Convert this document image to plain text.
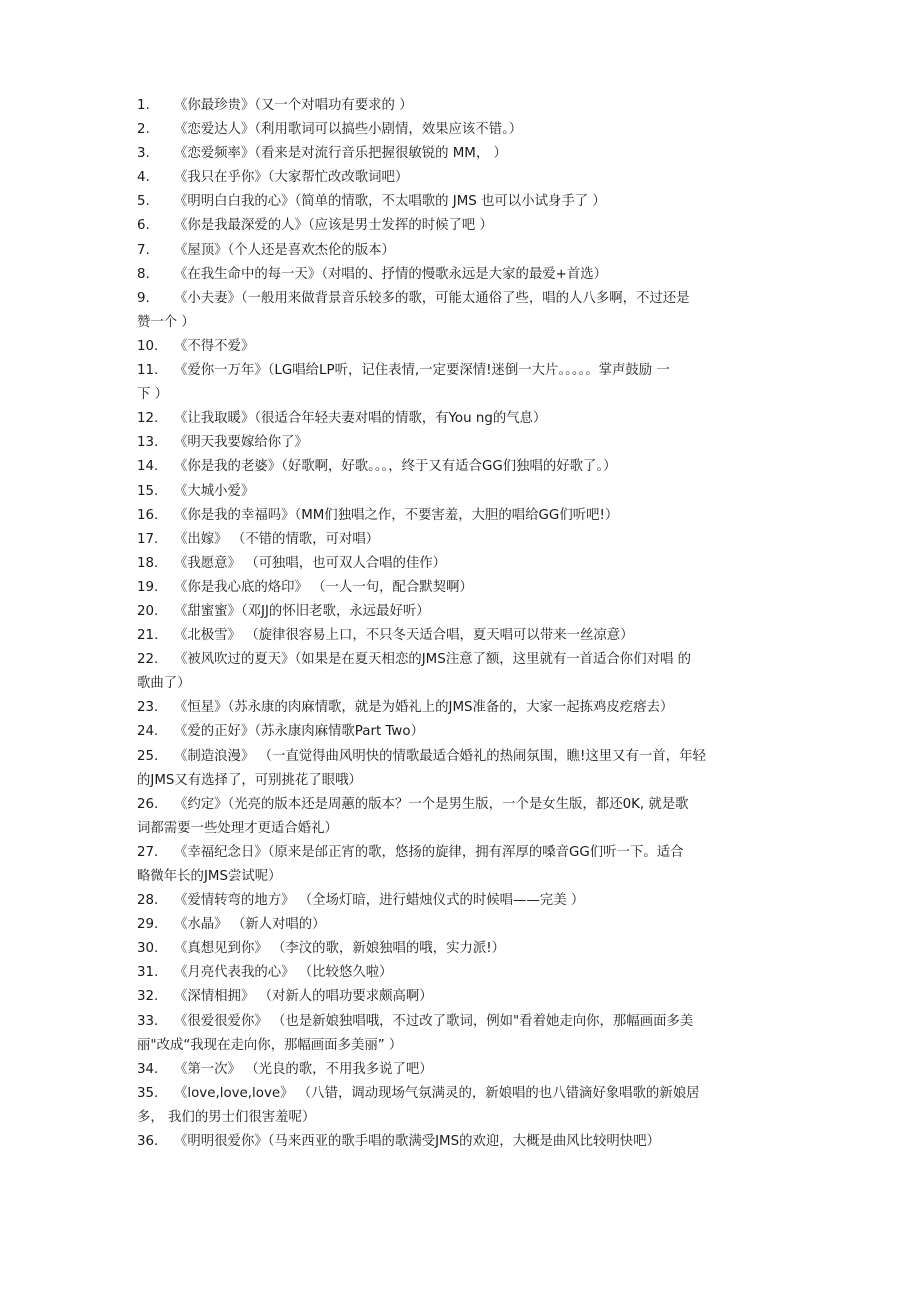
1.	《你最珍贵》（又一个对唱功有要求的 ）
2.	《恋爱达人》（利用歌词可以搞些小剧情，效果应该不错。）
3.	《恋爱频率》（看来是对流行音乐把握很敏锐的 MM， ）
4.	《我只在乎你》（大家帮忙改改歌词吧）
5.	《明明白白我的心》（简单的情歌，不太唱歌的 JMS 也可以小试身手了 ）
6.	《你是我最深爱的人》（应该是男士发挥的时候了吧 ）
7.	《屋顶》（个人还是喜欢杰伦的版本）
8.	《在我生命中的每一天》（对唱的、抒情的慢歌永远是大家的最爱+首选）
9.	《小夫妻》（一般用来做背景音乐较多的歌，可能太通俗了些，唱的人八多啊，不过还是
赞一个 ）
10.	《不得不爱》
11.	《爱你一万年》（LG唱给LP听，记住表情,一定要深情!迷倒一大片。。。。。掌声鼓励 一
下 ）
12.	《让我取暖》（很适合年轻夫妻对唱的情歌，有You ng的气息）
13.	《明天我要嫁给你了》
14.	《你是我的老婆》（好歌啊，好歌。。。，终于又有适合GG们独唱的好歌了。）
15.	《大城小爱》
16.	《你是我的幸福吗》（MM们独唱之作，不要害羞，大胆的唱给GG们听吧!）
17.	《出嫁》 （不错的情歌，可对唱）
18.	《我愿意》 （可独唱，也可双人合唱的佳作）
19.	《你是我心底的烙印》 （一人一句，配合默契啊）
20.	《甜蜜蜜》（邓JJ的怀旧老歌，永远最好听）
21.	《北极雪》 （旋律很容易上口，不只冬天适合唱，夏天唱可以带来一丝凉意）
22.	《被风吹过的夏天》（如果是在夏天相恋的JMS注意了额，这里就有一首适合你们对唱 的
歌曲了）
23.	《恒星》（苏永康的肉麻情歌，就是为婚礼上的JMS准备的，大家一起拣鸡皮疙瘩去）
24.	《爱的正好》（苏永康肉麻情歌Part Two）
25.	《制造浪漫》 （一直觉得曲风明快的情歌最适合婚礼的热闹氛围，瞧!这里又有一首，年轻
的JMS又有选择了，可别挑花了眼哦）
26.	《约定》（光亮的版本还是周蕙的版本？一个是男生版，一个是女生版，都还0K, 就是歌
词都需要一些处理才更适合婚礼）
27.	《幸福纪念日》（原来是邰正宵的歌，悠扬的旋律，拥有浑厚的嗓音GG们听一下。适合
略微年长的JMS尝试呢）
28.	《爱情转弯的地方》 （全场灯暗，进行蜡烛仪式的时候唱——完美 ）
29.	《水晶》 （新人对唱的）
30.	《真想见到你》 （李汶的歌，新娘独唱的哦，实力派!）
31.	《月亮代表我的心》 （比较悠久啦）
32.	《深情相拥》 （对新人的唱功要求颇高啊）
33.	《很爱很爱你》 （也是新娘独唱哦，不过改了歌词，例如"看着她走向你，那幅画面多美
丽"改成“我现在走向你，那幅画面多美丽” ）
34.	《第一次》 （光良的歌，不用我多说了吧）
35.	《love,love,love》 （八错，调动现场气氛满灵的，新娘唱的也八错滴好象唱歌的新娘居
多， 我们的男士们很害羞呢）
36.	《明明很爱你》（马来西亚的歌手唱的歌满受JMS的欢迎，大概是曲风比较明快吧）
